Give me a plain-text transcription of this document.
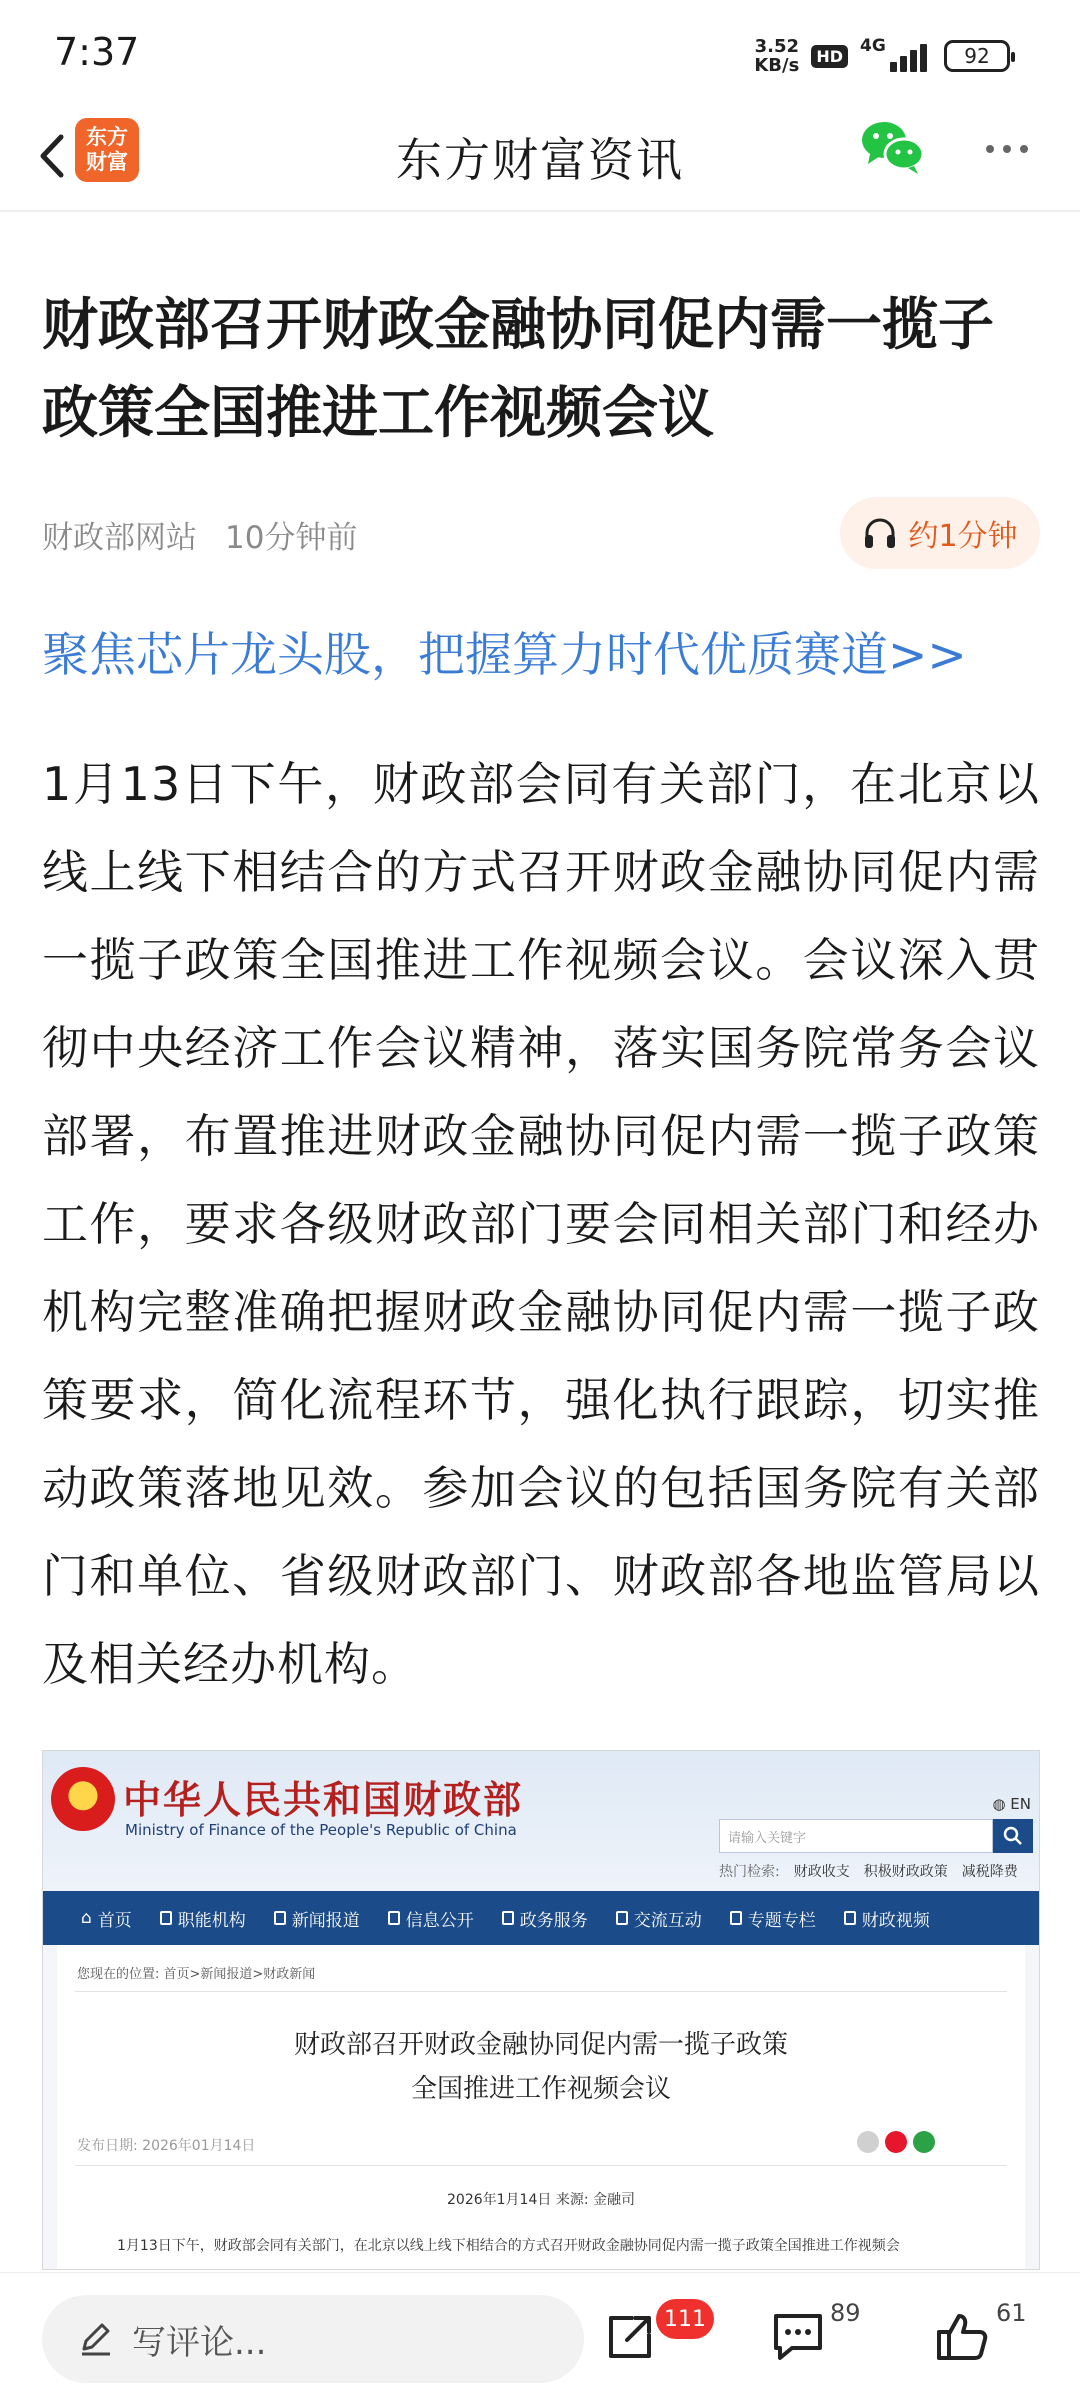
7:37	3.52
KB/s	HD 4G	92
东方
财富	东方财富资讯
财政部召开财政金融协同促内需一揽子政策全国推进工作视频会议
财政部网站 10分钟前	约1分钟
聚焦芯片龙头股，把握算力时代优质赛道>>
1月13日下午，财政部会同有关部门，在北京以线上线下相结合的方式召开财政金融协同促内需一揽子政策全国推进工作视频会议。会议深入贯彻中央经济工作会议精神，落实国务院常务会议部署，布置推进财政金融协同促内需一揽子政策工作，要求各级财政部门要会同相关部门和经办机构完整准确把握财政金融协同促内需一揽子政策要求，简化流程环节，强化执行跟踪，切实推动政策落地见效。参加会议的包括国务院有关部门和单位、省级财政部门、财政部各地监管局以及相关经办机构。
中华人民共和国财政部
Ministry of Finance of the People's Republic of China
◍ EN
请输入关键字
热门检索: 财政收支 积极财政政策 减税降费
⌂ 首页	职能机构	新闻报道	信息公开	政务服务	交流互动	专题专栏	财政视频
您现在的位置: 首页>新闻报道>财政新闻
财政部召开财政金融协同促内需一揽子政策
全国推进工作视频会议
发布日期: 2026年01月14日
2026年1月14日 来源: 金融司
1月13日下午，财政部会同有关部门，在北京以线上线下相结合的方式召开财政金融协同促内需一揽子政策全国推进工作视频会
写评论...
111	89	61
